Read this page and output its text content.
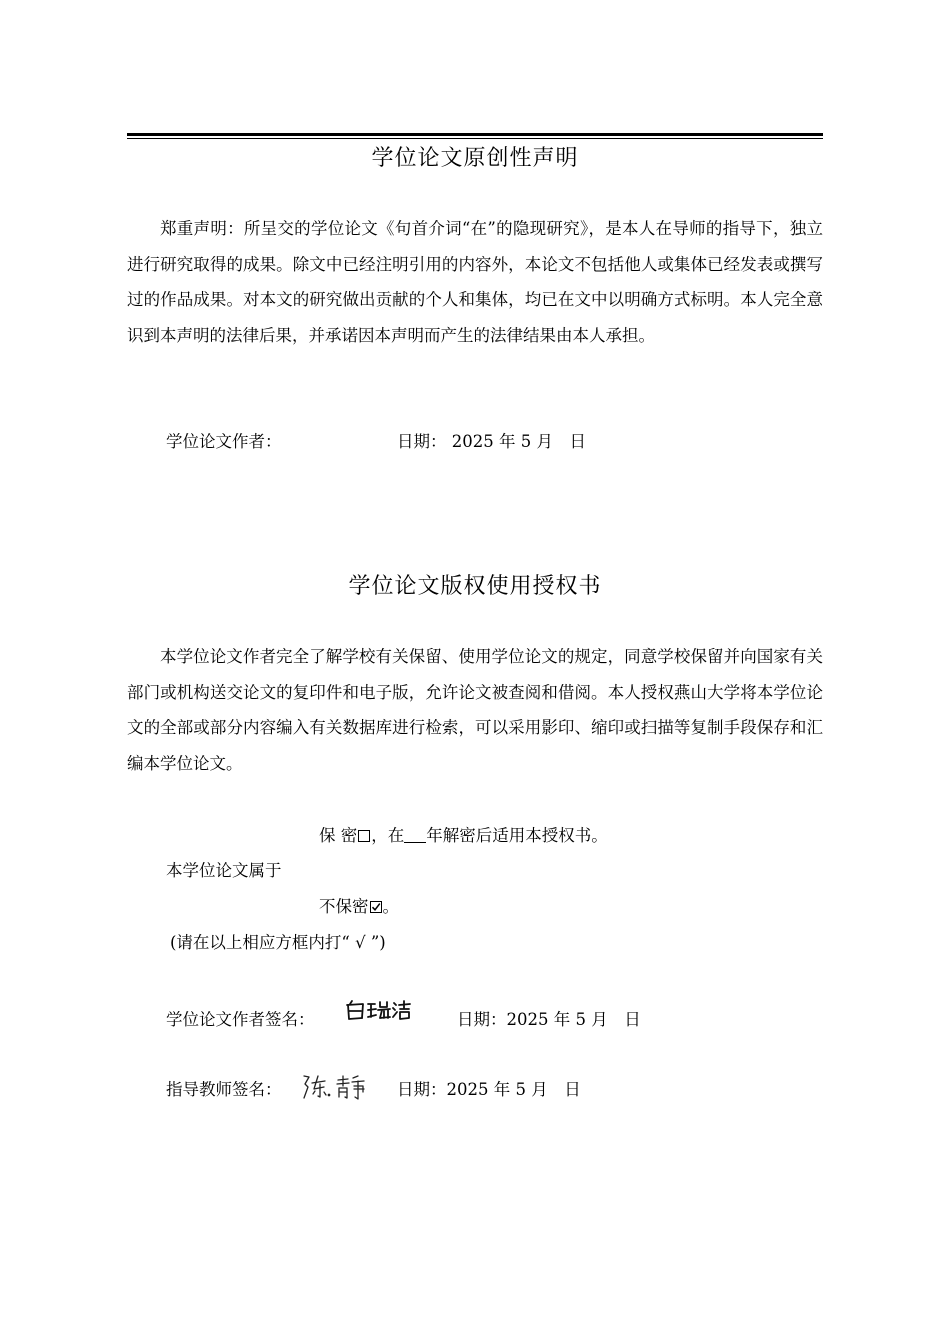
学位论文原创性声明

郑重声明：所呈交的学位论文《句首介词“在”的隐现研究》，是本人在导师的指导下，独立进行研究取得的成果。除文中已经注明引用的内容外，本论文不包括他人或集体已经发表或撰写过的作品成果。对本文的研究做出贡献的个人和集体，均已在文中以明确方式标明。本人完全意识到本声明的法律后果，并承诺因本声明而产生的法律结果由本人承担。

学位论文作者：	日期： 2025 年 5 月　日
学位论文版权使用授权书

本学位论文作者完全了解学校有关保留、使用学位论文的规定，同意学校保留并向国家有关部门或机构送交论文的复印件和电子版，允许论文被查阅和借阅。本人授权燕山大学将本学位论文的全部或部分内容编入有关数据库进行检索，可以采用影印、缩印或扫描等复制手段保存和汇编本学位论文。

保 密 ，在 年解密后适用本授权书。
本学位论文属于
不保密 。
(请在以上相应方框内打“ √ ”)
学位论文作者签名：	日期：2025 年 5 月　日
指导教师签名：	日期：2025 年 5 月　日
